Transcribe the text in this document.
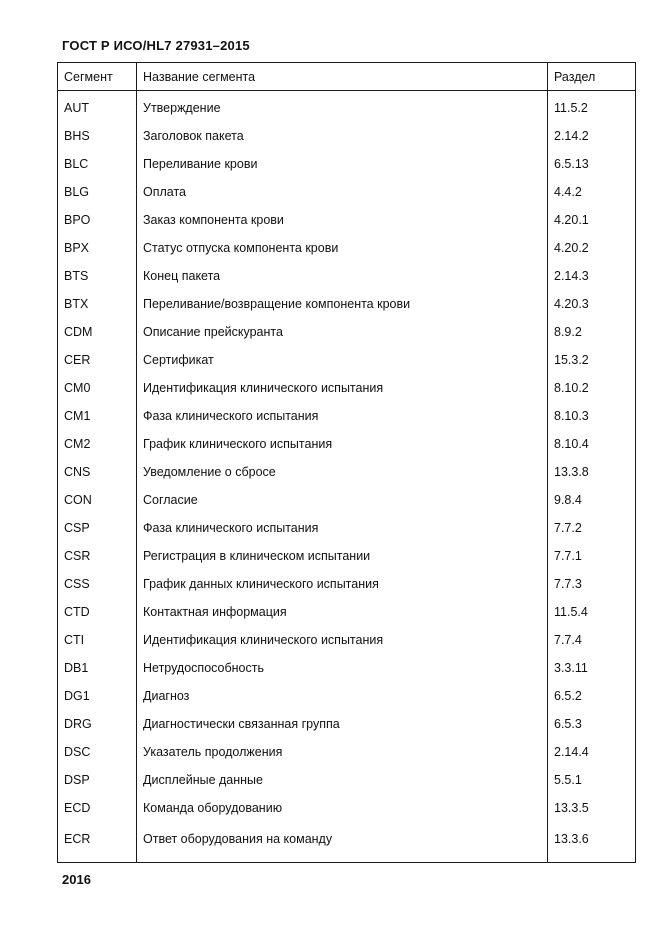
ГОСТ Р ИСО/HL7 27931–2015
Сегмент	Название сегмента	Раздел
AUT	Утверждение	11.5.2
BHS	Заголовок пакета	2.14.2
BLC	Переливание крови	6.5.13
BLG	Оплата	4.4.2
BPO	Заказ компонента крови	4.20.1
BPX	Статус отпуска компонента крови	4.20.2
BTS	Конец пакета	2.14.3
BTX	Переливание/возвращение компонента крови	4.20.3
CDM	Описание прейскуранта	8.9.2
CER	Сертификат	15.3.2
CM0	Идентификация клинического испытания	8.10.2
CM1	Фаза клинического испытания	8.10.3
CM2	График клинического испытания	8.10.4
CNS	Уведомление о сбросе	13.3.8
CON	Согласие	9.8.4
CSP	Фаза клинического испытания	7.7.2
CSR	Регистрация в клиническом испытании	7.7.1
CSS	График данных клинического испытания	7.7.3
CTD	Контактная информация	11.5.4
CTI	Идентификация клинического испытания	7.7.4
DB1	Нетрудоспособность	3.3.11
DG1	Диагноз	6.5.2
DRG	Диагностически связанная группа	6.5.3
DSC	Указатель продолжения	2.14.4
DSP	Дисплейные данные	5.5.1
ECD	Команда оборудованию	13.3.5
ECR	Ответ оборудования на команду	13.3.6
2016
